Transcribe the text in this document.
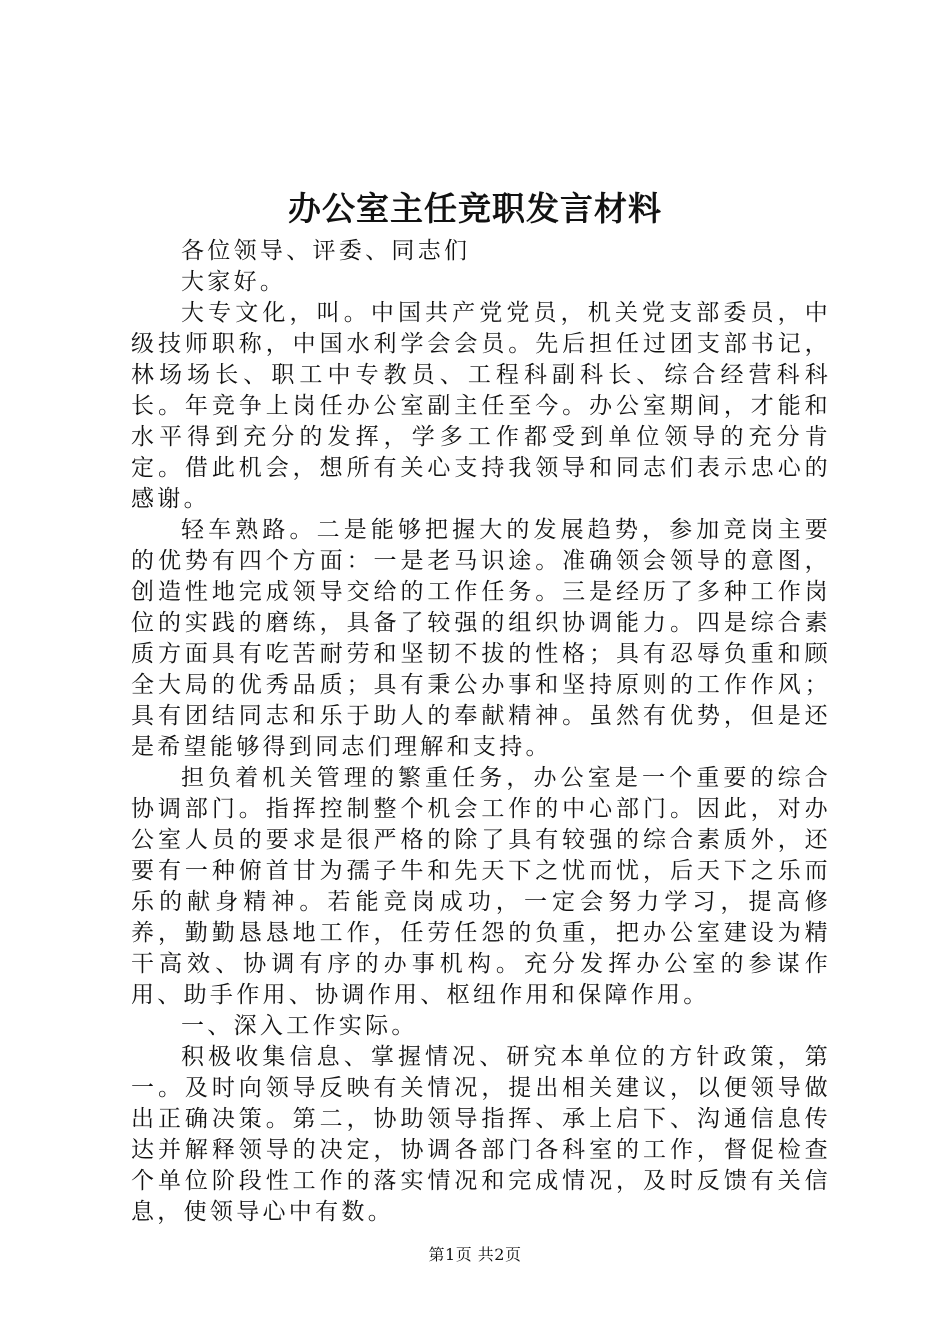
办公室主任竞职发言材料

各位领导、评委、同志们

大家好。

大专文化，叫。中国共产党党员，机关党支部委员，中级技师职称，中国水利学会会员。先后担任过团支部书记，林场场长、职工中专教员、工程科副科长、综合经营科科长。年竞争上岗任办公室副主任至今。办公室期间，才能和水平得到充分的发挥，学多工作都受到单位领导的充分肯定。借此机会，想所有关心支持我领导和同志们表示忠心的感谢。

轻车熟路。二是能够把握大的发展趋势，参加竞岗主要的优势有四个方面：一是老马识途。准确领会领导的意图，创造性地完成领导交给的工作任务。三是经历了多种工作岗位的实践的磨练，具备了较强的组织协调能力。四是综合素质方面具有吃苦耐劳和坚韧不拔的性格；具有忍辱负重和顾全大局的优秀品质；具有秉公办事和坚持原则的工作作风；具有团结同志和乐于助人的奉献精神。虽然有优势，但是还是希望能够得到同志们理解和支持。

担负着机关管理的繁重任务，办公室是一个重要的综合协调部门。指挥控制整个机会工作的中心部门。因此，对办公室人员的要求是很严格的除了具有较强的综合素质外，还要有一种俯首甘为孺子牛和先天下之忧而忧，后天下之乐而乐的献身精神。若能竞岗成功，一定会努力学习，提高修养，勤勤恳恳地工作，任劳任怨的负重，把办公室建设为精干高效、协调有序的办事机构。充分发挥办公室的参谋作用、助手作用、协调作用、枢纽作用和保障作用。

一、深入工作实际。

积极收集信息、掌握情况、研究本单位的方针政策，第一。及时向领导反映有关情况，提出相关建议，以便领导做出正确决策。第二，协助领导指挥、承上启下、沟通信息传达并解释领导的决定，协调各部门各科室的工作，督促检查个单位阶段性工作的落实情况和完成情况，及时反馈有关信息，使领导心中有数。

第1页 共2页
